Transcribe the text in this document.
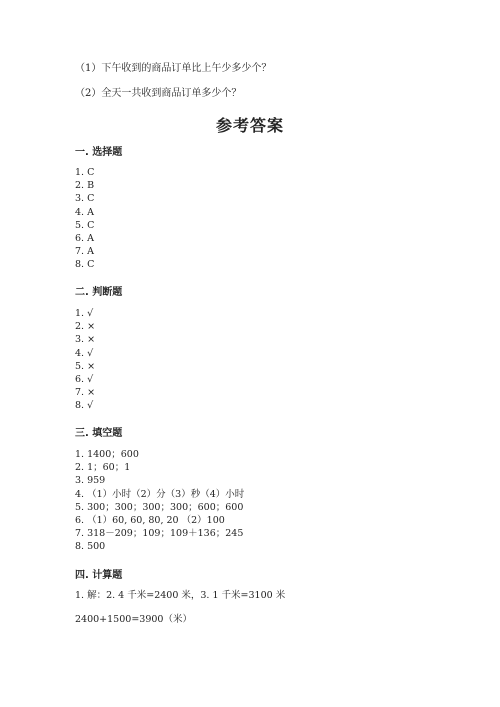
（1）下午收到的商品订单比上午少多少个？
（2）全天一共收到商品订单多少个？
参考答案
一. 选择题
1. C
2. B
3. C
4. A
5. C
6. A
7. A
8. C
二. 判断题
1. √
2. ×
3. ×
4. √
5. ×
6. √
7. ×
8. √
三. 填空题
1. 1400；600
2. 1；60；1
3. 959
4. （1）小时（2）分（3）秒（4）小时
5. 300；300；300；300；600；600
6. （1）60, 60, 80, 20 （2）100
7. 318－209；109；109＋136；245
8. 500
四. 计算题
1. 解：2. 4 千米=2400 米，3. 1 千米=3100 米
2400+1500=3900（米）
